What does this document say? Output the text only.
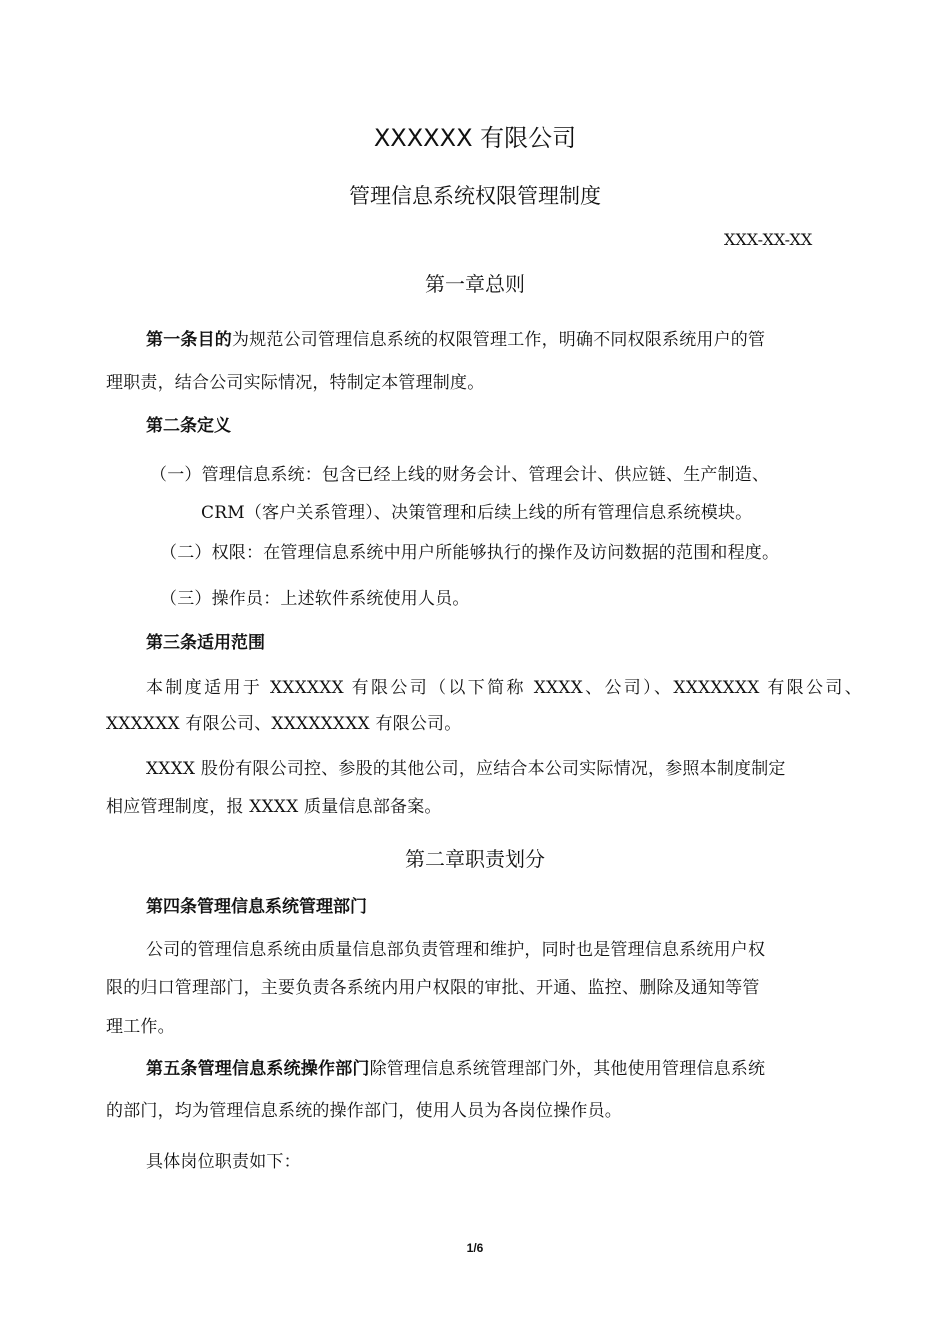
XXXXXX 有限公司
管理信息系统权限管理制度
XXX-XX-XX
第一章总则
第一条目的为规范公司管理信息系统的权限管理工作，明确不同权限系统用户的管
理职责，结合公司实际情况，特制定本管理制度。
第二条定义
（一）管理信息系统：包含已经上线的财务会计、管理会计、供应链、生产制造、
CRM（客户关系管理）、决策管理和后续上线的所有管理信息系统模块。
（二）权限：在管理信息系统中用户所能够执行的操作及访问数据的范围和程度。
（三）操作员：上述软件系统使用人员。
第三条适用范围
本制度适用于 XXXXXX 有限公司（以下简称 XXXX、公司）、XXXXXXX 有限公司、
XXXXXX 有限公司、XXXXXXXX 有限公司。
XXXX 股份有限公司控、参股的其他公司，应结合本公司实际情况，参照本制度制定
相应管理制度，报 XXXX 质量信息部备案。
第二章职责划分
第四条管理信息系统管理部门
公司的管理信息系统由质量信息部负责管理和维护，同时也是管理信息系统用户权
限的归口管理部门，主要负责各系统内用户权限的审批、开通、监控、删除及通知等管
理工作。
第五条管理信息系统操作部门除管理信息系统管理部门外，其他使用管理信息系统
的部门，均为管理信息系统的操作部门，使用人员为各岗位操作员。
具体岗位职责如下：
1/6
